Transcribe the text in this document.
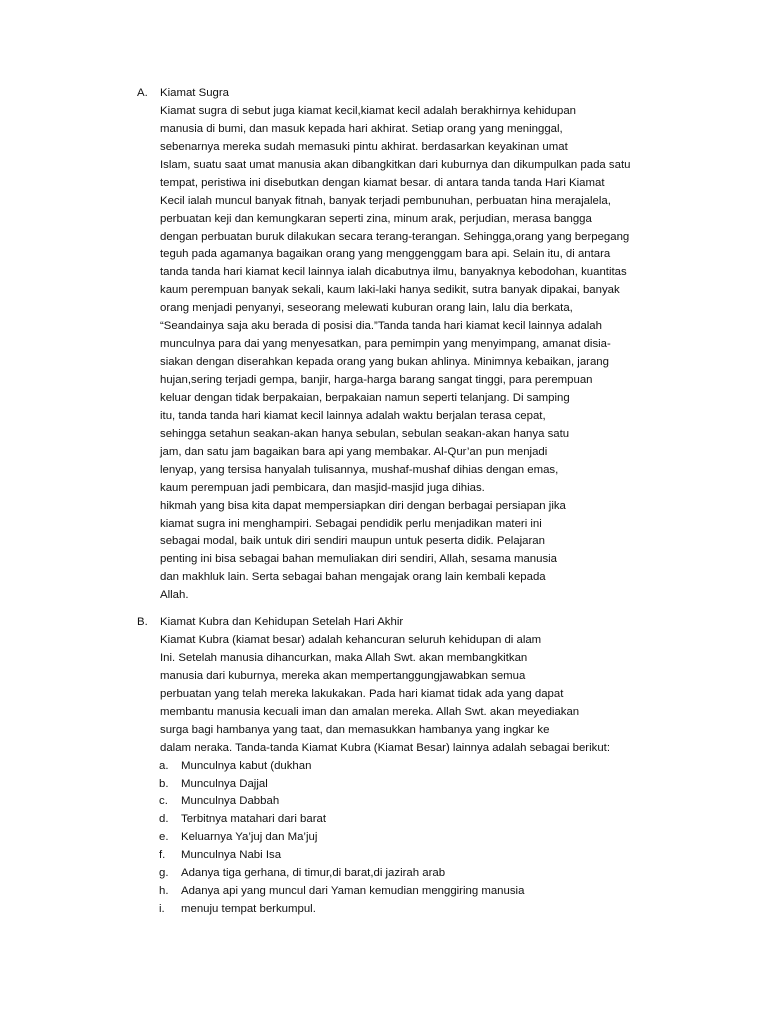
A. Kiamat Sugra
Kiamat sugra di sebut juga kiamat kecil,kiamat kecil adalah berakhirnya kehidupan
manusia di bumi, dan masuk kepada hari akhirat. Setiap orang yang meninggal,
sebenarnya mereka sudah memasuki pintu akhirat. berdasarkan keyakinan umat
Islam, suatu saat umat manusia akan dibangkitkan dari kuburnya dan dikumpulkan pada satu
tempat, peristiwa ini disebutkan dengan kiamat besar. di antara tanda tanda Hari Kiamat
Kecil ialah muncul banyak fitnah, banyak terjadi pembunuhan, perbuatan hina merajalela,
perbuatan keji dan kemungkaran seperti zina, minum arak, perjudian, merasa bangga
dengan perbuatan buruk dilakukan secara terang-terangan. Sehingga,orang yang berpegang
teguh pada agamanya bagaikan orang yang menggenggam bara api. Selain itu, di antara
tanda tanda hari kiamat kecil lainnya ialah dicabutnya ilmu, banyaknya kebodohan, kuantitas
kaum perempuan banyak sekali, kaum laki-laki hanya sedikit, sutra banyak dipakai, banyak
orang menjadi penyanyi, seseorang melewati kuburan orang lain, lalu dia berkata,
“Seandainya saja aku berada di posisi dia.”Tanda tanda hari kiamat kecil lainnya adalah
munculnya para dai yang menyesatkan, para pemimpin yang menyimpang, amanat disia-
siakan dengan diserahkan kepada orang yang bukan ahlinya. Minimnya kebaikan, jarang
hujan,sering terjadi gempa, banjir, harga-harga barang sangat tinggi, para perempuan
keluar dengan tidak berpakaian, berpakaian namun seperti telanjang. Di samping
itu, tanda tanda hari kiamat kecil lainnya adalah waktu berjalan terasa cepat,
sehingga setahun seakan-akan hanya sebulan, sebulan seakan-akan hanya satu
jam, dan satu jam bagaikan bara api yang membakar. Al-Qur’an pun menjadi
lenyap, yang tersisa hanyalah tulisannya, mushaf-mushaf dihias dengan emas,
kaum perempuan jadi pembicara, dan masjid-masjid juga dihias.
hikmah yang bisa kita dapat mempersiapkan diri dengan berbagai persiapan jika
kiamat sugra ini menghampiri. Sebagai pendidik perlu menjadikan materi ini
sebagai modal, baik untuk diri sendiri maupun untuk peserta didik. Pelajaran
penting ini bisa sebagai bahan memuliakan diri sendiri, Allah, sesama manusia
dan makhluk lain. Serta sebagai bahan mengajak orang lain kembali kepada
Allah.
B. Kiamat Kubra dan Kehidupan Setelah Hari Akhir
Kiamat Kubra (kiamat besar) adalah kehancuran seluruh kehidupan di alam
Ini. Setelah manusia dihancurkan, maka Allah Swt. akan membangkitkan
manusia dari kuburnya, mereka akan mempertanggungjawabkan semua
perbuatan yang telah mereka lakukakan. Pada hari kiamat tidak ada yang dapat
membantu manusia kecuali iman dan amalan mereka. Allah Swt. akan meyediakan
surga bagi hambanya yang taat, dan memasukkan hambanya yang ingkar ke
dalam neraka. Tanda-tanda Kiamat Kubra (Kiamat Besar) lainnya adalah sebagai berikut:
a. Munculnya kabut (dukhan
b. Munculnya Dajjal
c. Munculnya Dabbah
d. Terbitnya matahari dari barat
e. Keluarnya Ya’juj dan Ma’juj
f. Munculnya Nabi Isa
g. Adanya tiga gerhana, di timur,di barat,di jazirah arab
h. Adanya api yang muncul dari Yaman kemudian menggiring manusia
i. menuju tempat berkumpul.
